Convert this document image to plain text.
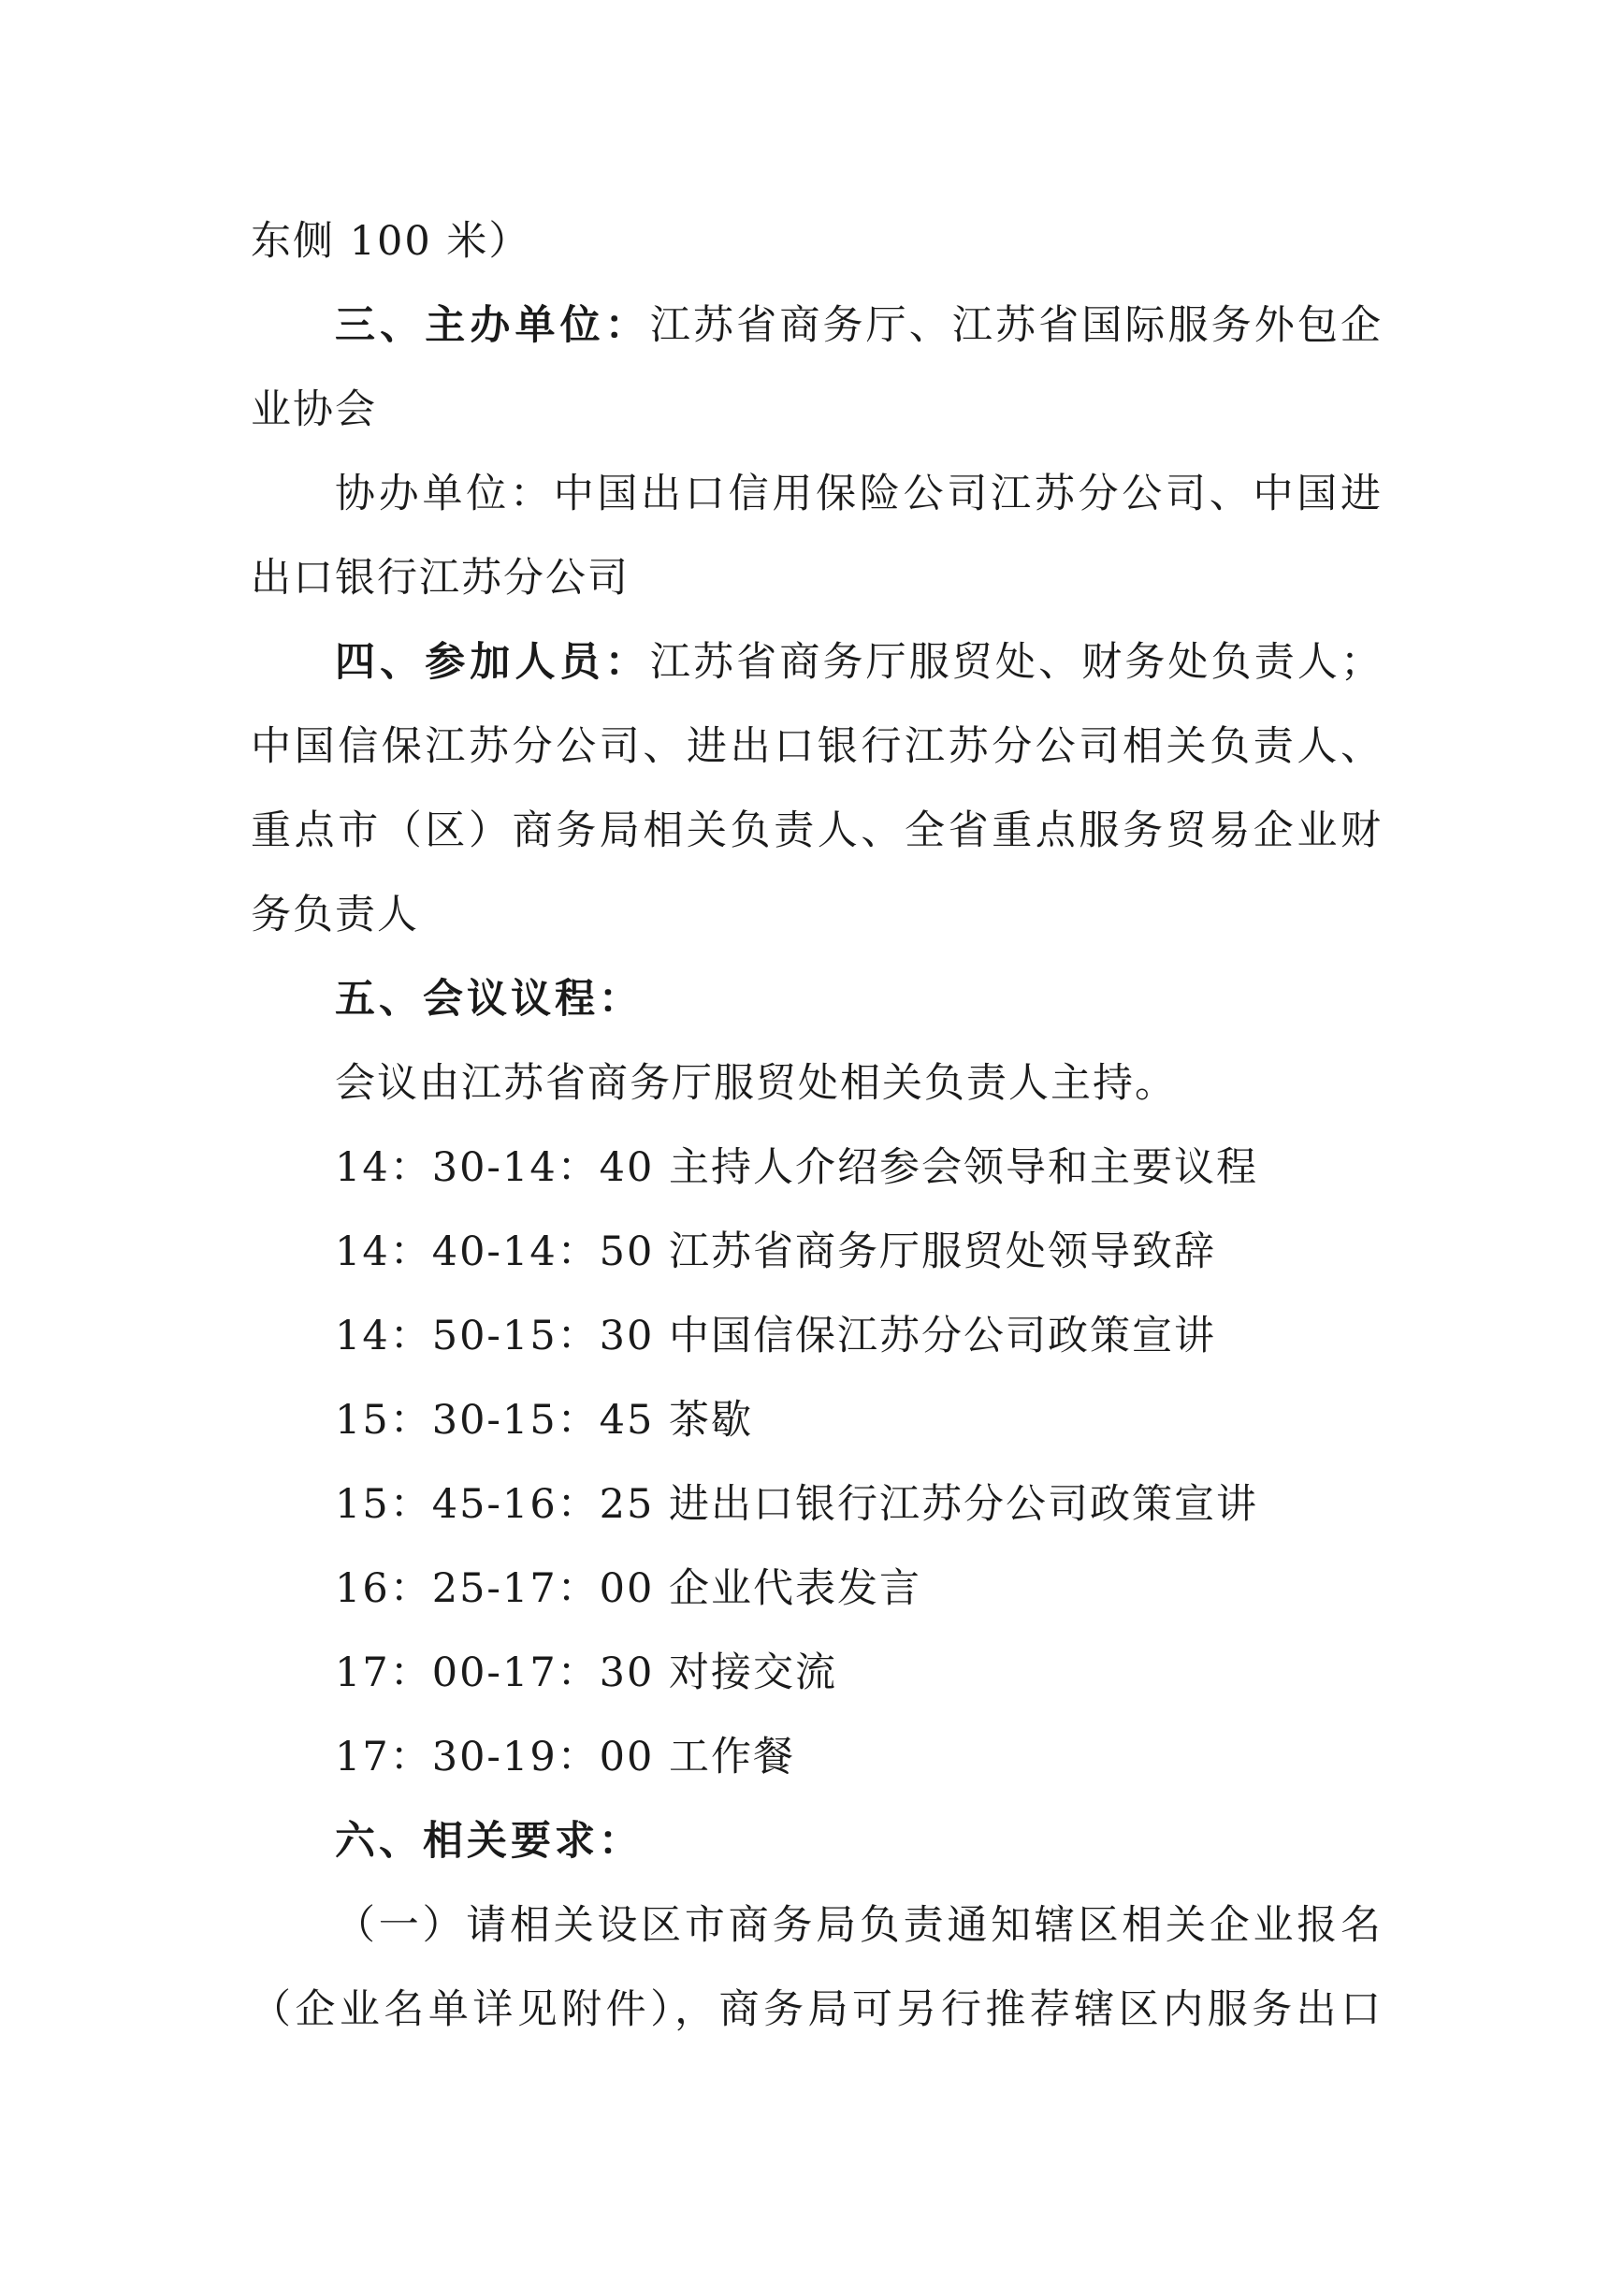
东侧 100 米）
三、主办单位：江苏省商务厅、江苏省国际服务外包企
业协会
协办单位：中国出口信用保险公司江苏分公司、中国进
出口银行江苏分公司
四、参加人员：江苏省商务厅服贸处、财务处负责人；
中国信保江苏分公司、进出口银行江苏分公司相关负责人、
重点市（区）商务局相关负责人、全省重点服务贸易企业财
务负责人
五、会议议程：
会议由江苏省商务厅服贸处相关负责人主持。
14：30-14：40 主持人介绍参会领导和主要议程
14：40-14：50 江苏省商务厅服贸处领导致辞
14：50-15：30 中国信保江苏分公司政策宣讲
15：30-15：45 茶歇
15：45-16：25 进出口银行江苏分公司政策宣讲
16：25-17：00 企业代表发言
17：00-17：30 对接交流
17：30-19：00 工作餐
六、相关要求：
（一）请相关设区市商务局负责通知辖区相关企业报名
（企业名单详见附件），商务局可另行推荐辖区内服务出口
